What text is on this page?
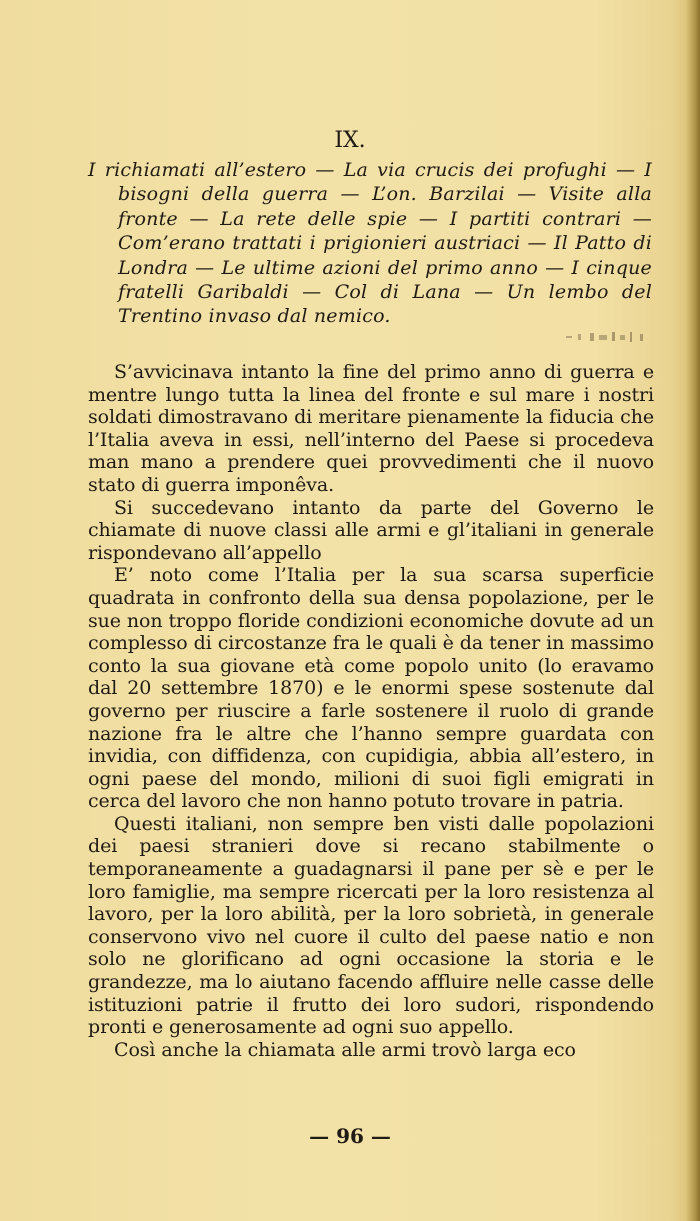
IX.
I richiamati all’estero — La via crucis dei profughi — I bisogni della guerra — L’on. Barzilai — Visite alla fronte — La rete delle spie — I partiti contrari — Com’erano trattati i prigionieri austriaci — Il Patto di Londra — Le ultime azioni del primo anno — I cinque fratelli Garibaldi — Col di Lana — Un lembo del Trentino invaso dal nemico.

S’avvicinava intanto la fine del primo anno di guerra e mentre lungo tutta la linea del fronte e sul mare i nostri soldati dimostravano di meritare pienamente la fiducia che l’Italia aveva in essi, nell’interno del Paese si procedeva man mano a prendere quei provvedimenti che il nuovo stato di guerra imponêva.

Si succedevano intanto da parte del Governo le chiamate di nuove classi alle armi e gl’italiani in generale rispondevano all’appello

E’ noto come l’Italia per la sua scarsa superficie quadrata in confronto della sua densa popolazione, per le sue non troppo floride condizioni economiche dovute ad un complesso di circostanze fra le quali è da tener in massimo conto la sua giovane età come popolo unito (lo eravamo dal 20 settembre 1870) e le enormi spese sostenute dal governo per riuscire a farle sostenere il ruolo di grande nazione fra le altre che l’hanno sempre guardata con invidia, con diffidenza, con cupidigia, abbia all’estero, in ogni paese del mondo, milioni di suoi figli emigrati in cerca del lavoro che non hanno potuto trovare in patria.

Questi italiani, non sempre ben visti dalle popolazioni dei paesi stranieri dove si recano stabilmente o temporaneamente a guadagnarsi il pane per sè e per le loro famiglie, ma sempre ricercati per la loro resistenza al lavoro, per la loro abilità, per la loro sobrietà, in generale conservono vivo nel cuore il culto del paese natio e non solo ne glorificano ad ogni occasione la storia e le grandezze, ma lo aiutano facendo affluire nelle casse delle istituzioni patrie il frutto dei loro sudori, rispondendo pronti e generosamente ad ogni suo appello.

Così anche la chiamata alle armi trovò larga eco

— 96 —
